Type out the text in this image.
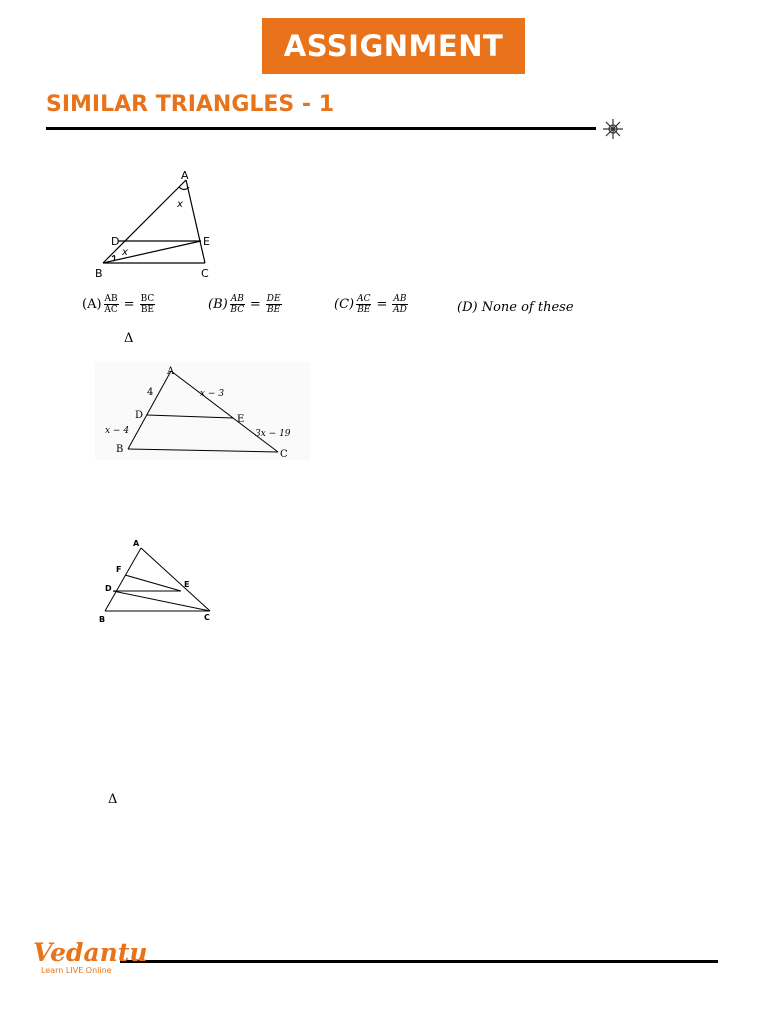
ASSIGNMENT
SIMILAR TRIANGLES - 1
A
B	C
D	E
x
x
$(A) \frac{AB}{AC} = \frac{BC}{BE}$	$(B) \frac{AB}{BC} = \frac{DE}{BE}$	$(C) \frac{AC}{BE} = \frac{AB}{AD}$	(D) None of these
Δ
A
B	C
D	E
4	x − 3
x − 4	3x − 19
A
B	C
D	E
F
Δ
Vedantu
Learn LIVE Online
